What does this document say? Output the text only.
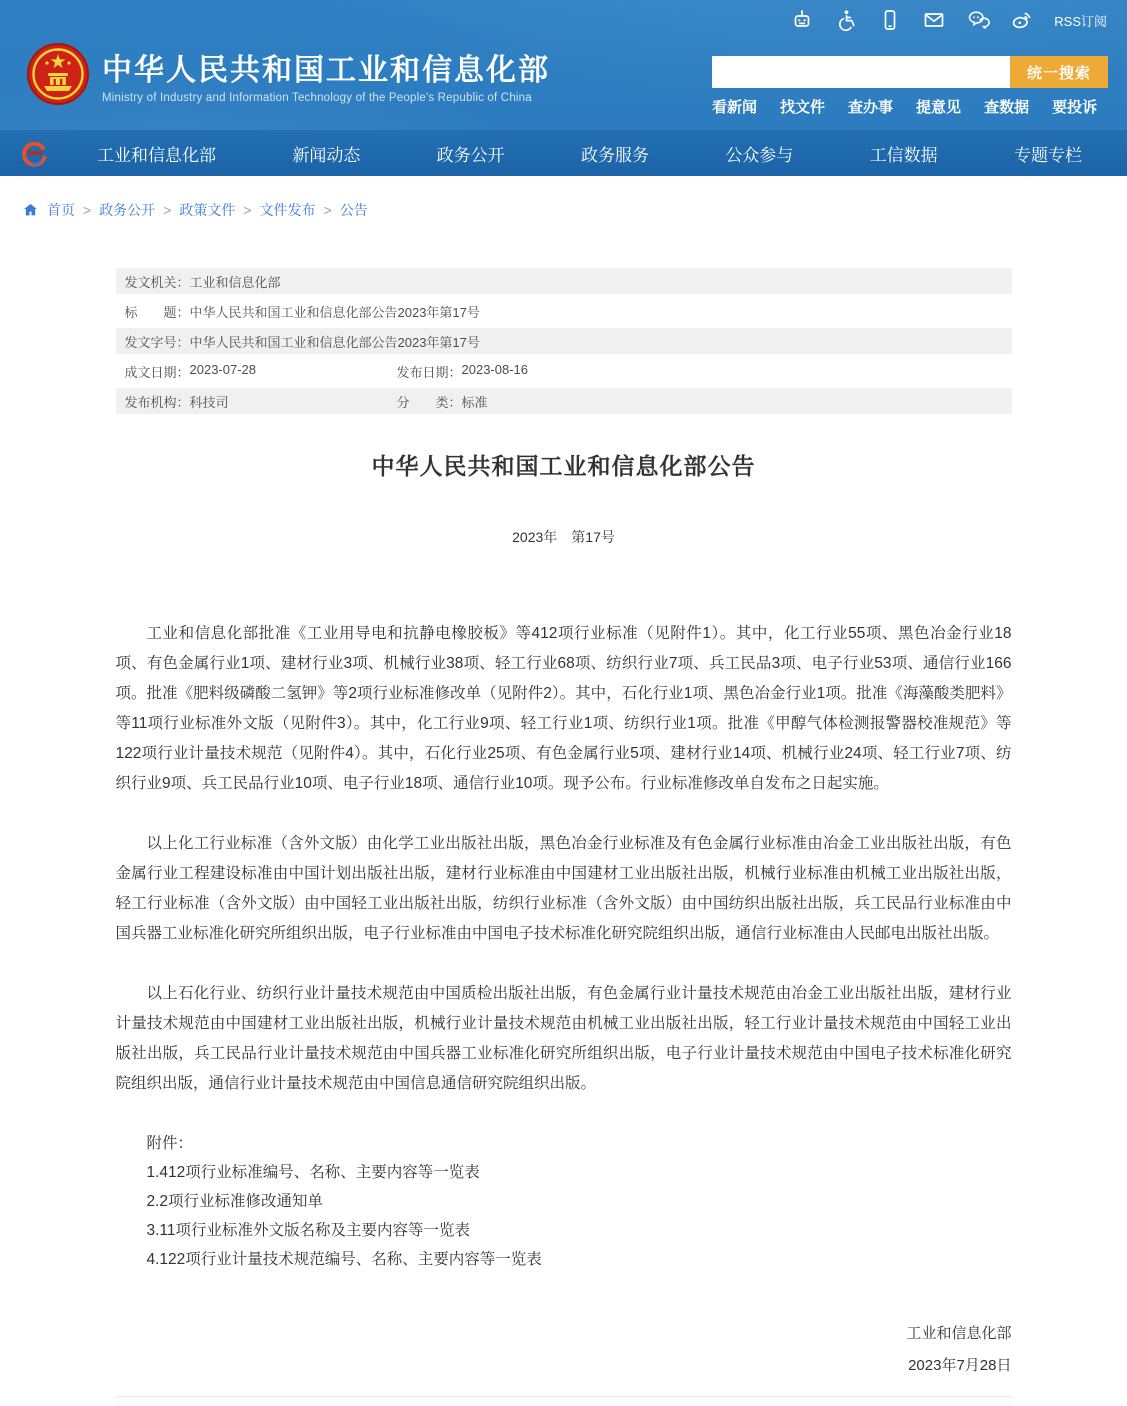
RSS订阅
中华人民共和国工业和信息化部
Ministry of Industry and Information Technology of the People's Republic of China
统一搜索
看新闻 找文件 查办事 提意见 查数据 要投诉
工业和信息化部	新闻动态	政务公开	政务服务	公众参与	工信数据	专题专栏
首页 > 政务公开 > 政策文件 > 文件发布 > 公告
发文机关： 工业和信息化部
标　　题： 中华人民共和国工业和信息化部公告2023年第17号
发文字号： 中华人民共和国工业和信息化部公告2023年第17号
成文日期： 2023-07-28	发布日期： 2023-08-16
发布机构： 科技司	分　　类： 标准
中华人民共和国工业和信息化部公告
2023年　第17号

工业和信息化部批准《工业用导电和抗静电橡胶板》等412项行业标准（见附件1）。其中，化工行业55项、黑色冶金行业18项、有色金属行业1项、建材行业3项、机械行业38项、轻工行业68项、纺织行业7项、兵工民品3项、电子行业53项、通信行业166项。批准《肥料级磷酸二氢钾》等2项行业标准修改单（见附件2）。其中，石化行业1项、黑色冶金行业1项。批准《海藻酸类肥料》等11项行业标准外文版（见附件3）。其中，化工行业9项、轻工行业1项、纺织行业1项。批准《甲醇气体检测报警器校准规范》等122项行业计量技术规范（见附件4）。其中，石化行业25项、有色金属行业5项、建材行业14项、机械行业24项、轻工行业7项、纺织行业9项、兵工民品行业10项、电子行业18项、通信行业10项。现予公布。行业标准修改单自发布之日起实施。

以上化工行业标准（含外文版）由化学工业出版社出版，黑色冶金行业标准及有色金属行业标准由冶金工业出版社出版，有色金属行业工程建设标准由中国计划出版社出版，建材行业标准由中国建材工业出版社出版，机械行业标准由机械工业出版社出版，轻工行业标准（含外文版）由中国轻工业出版社出版，纺织行业标准（含外文版）由中国纺织出版社出版，兵工民品行业标准由中国兵器工业标准化研究所组织出版，电子行业标准由中国电子技术标准化研究院组织出版，通信行业标准由人民邮电出版社出版。

以上石化行业、纺织行业计量技术规范由中国质检出版社出版，有色金属行业计量技术规范由冶金工业出版社出版，建材行业计量技术规范由中国建材工业出版社出版，机械行业计量技术规范由机械工业出版社出版，轻工行业计量技术规范由中国轻工业出版社出版，兵工民品行业计量技术规范由中国兵器工业标准化研究所组织出版，电子行业计量技术规范由中国电子技术标准化研究院组织出版，通信行业计量技术规范由中国信息通信研究院组织出版。

附件：
1.412项行业标准编号、名称、主要内容等一览表
2.2项行业标准修改通知单
3.11项行业标准外文版名称及主要内容等一览表
4.122项行业计量技术规范编号、名称、主要内容等一览表
工业和信息化部
2023年7月28日
